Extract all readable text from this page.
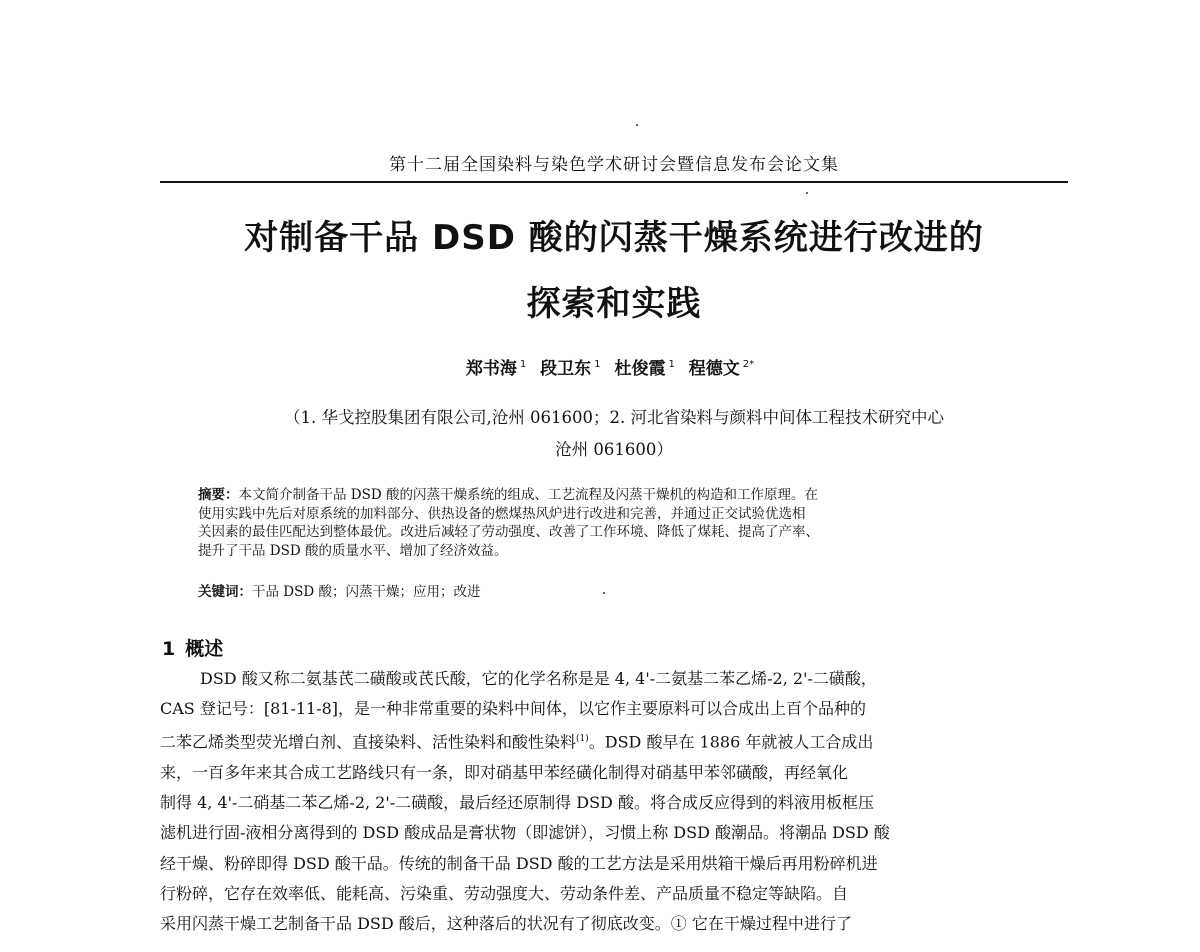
第十二届全国染料与染色学术研讨会暨信息发布会论文集
对制备干品 DSD 酸的闪蒸干燥系统进行改进的
探索和实践
郑书海 $^1$ 段卫东 $^1$ 杜俊霞 $^1$ 程德文 $^{2*}$
（1. 华戈控股集团有限公司,沧州 061600；2. 河北省染料与颜料中间体工程技术研究中心
沧州 061600）
摘要：本文简介制备干品 DSD 酸的闪蒸干燥系统的组成、工艺流程及闪蒸干燥机的构造和工作原理。在
使用实践中先后对原系统的加料部分、供热设备的燃煤热风炉进行改进和完善，并通过正交试验优选相
关因素的最佳匹配达到整体最优。改进后减轻了劳动强度、改善了工作环境、降低了煤耗、提高了产率、
提升了干品 DSD 酸的质量水平、增加了经济效益。
关键词：干品 DSD 酸；闪蒸干燥；应用；改进
1 概述
DSD 酸又称二氨基芪二磺酸或芪氏酸，它的化学名称是是 4, 4'-二氨基二苯乙烯-2, 2'-二磺酸，
CAS 登记号：[81-11-8]，是一种非常重要的染料中间体，以它作主要原料可以合成出上百个品种的
二苯乙烯类型荧光增白剂、直接染料、活性染料和酸性染料$^{(1)}$。DSD 酸早在 1886 年就被人工合成出
来，一百多年来其合成工艺路线只有一条，即对硝基甲苯经磺化制得对硝基甲苯邻磺酸，再经氧化
制得 4, 4'-二硝基二苯乙烯-2, 2'-二磺酸，最后经还原制得 DSD 酸。将合成反应得到的料液用板框压
滤机进行固-液相分离得到的 DSD 酸成品是膏状物（即滤饼），习惯上称 DSD 酸潮品。将潮品 DSD 酸
经干燥、粉碎即得 DSD 酸干品。传统的制备干品 DSD 酸的工艺方法是采用烘箱干燥后再用粉碎机进
行粉碎，它存在效率低、能耗高、污染重、劳动强度大、劳动条件差、产品质量不稳定等缺陷。自
采用闪蒸干燥工艺制备干品 DSD 酸后，这种落后的状况有了彻底改变。① 它在干燥过程中进行了
